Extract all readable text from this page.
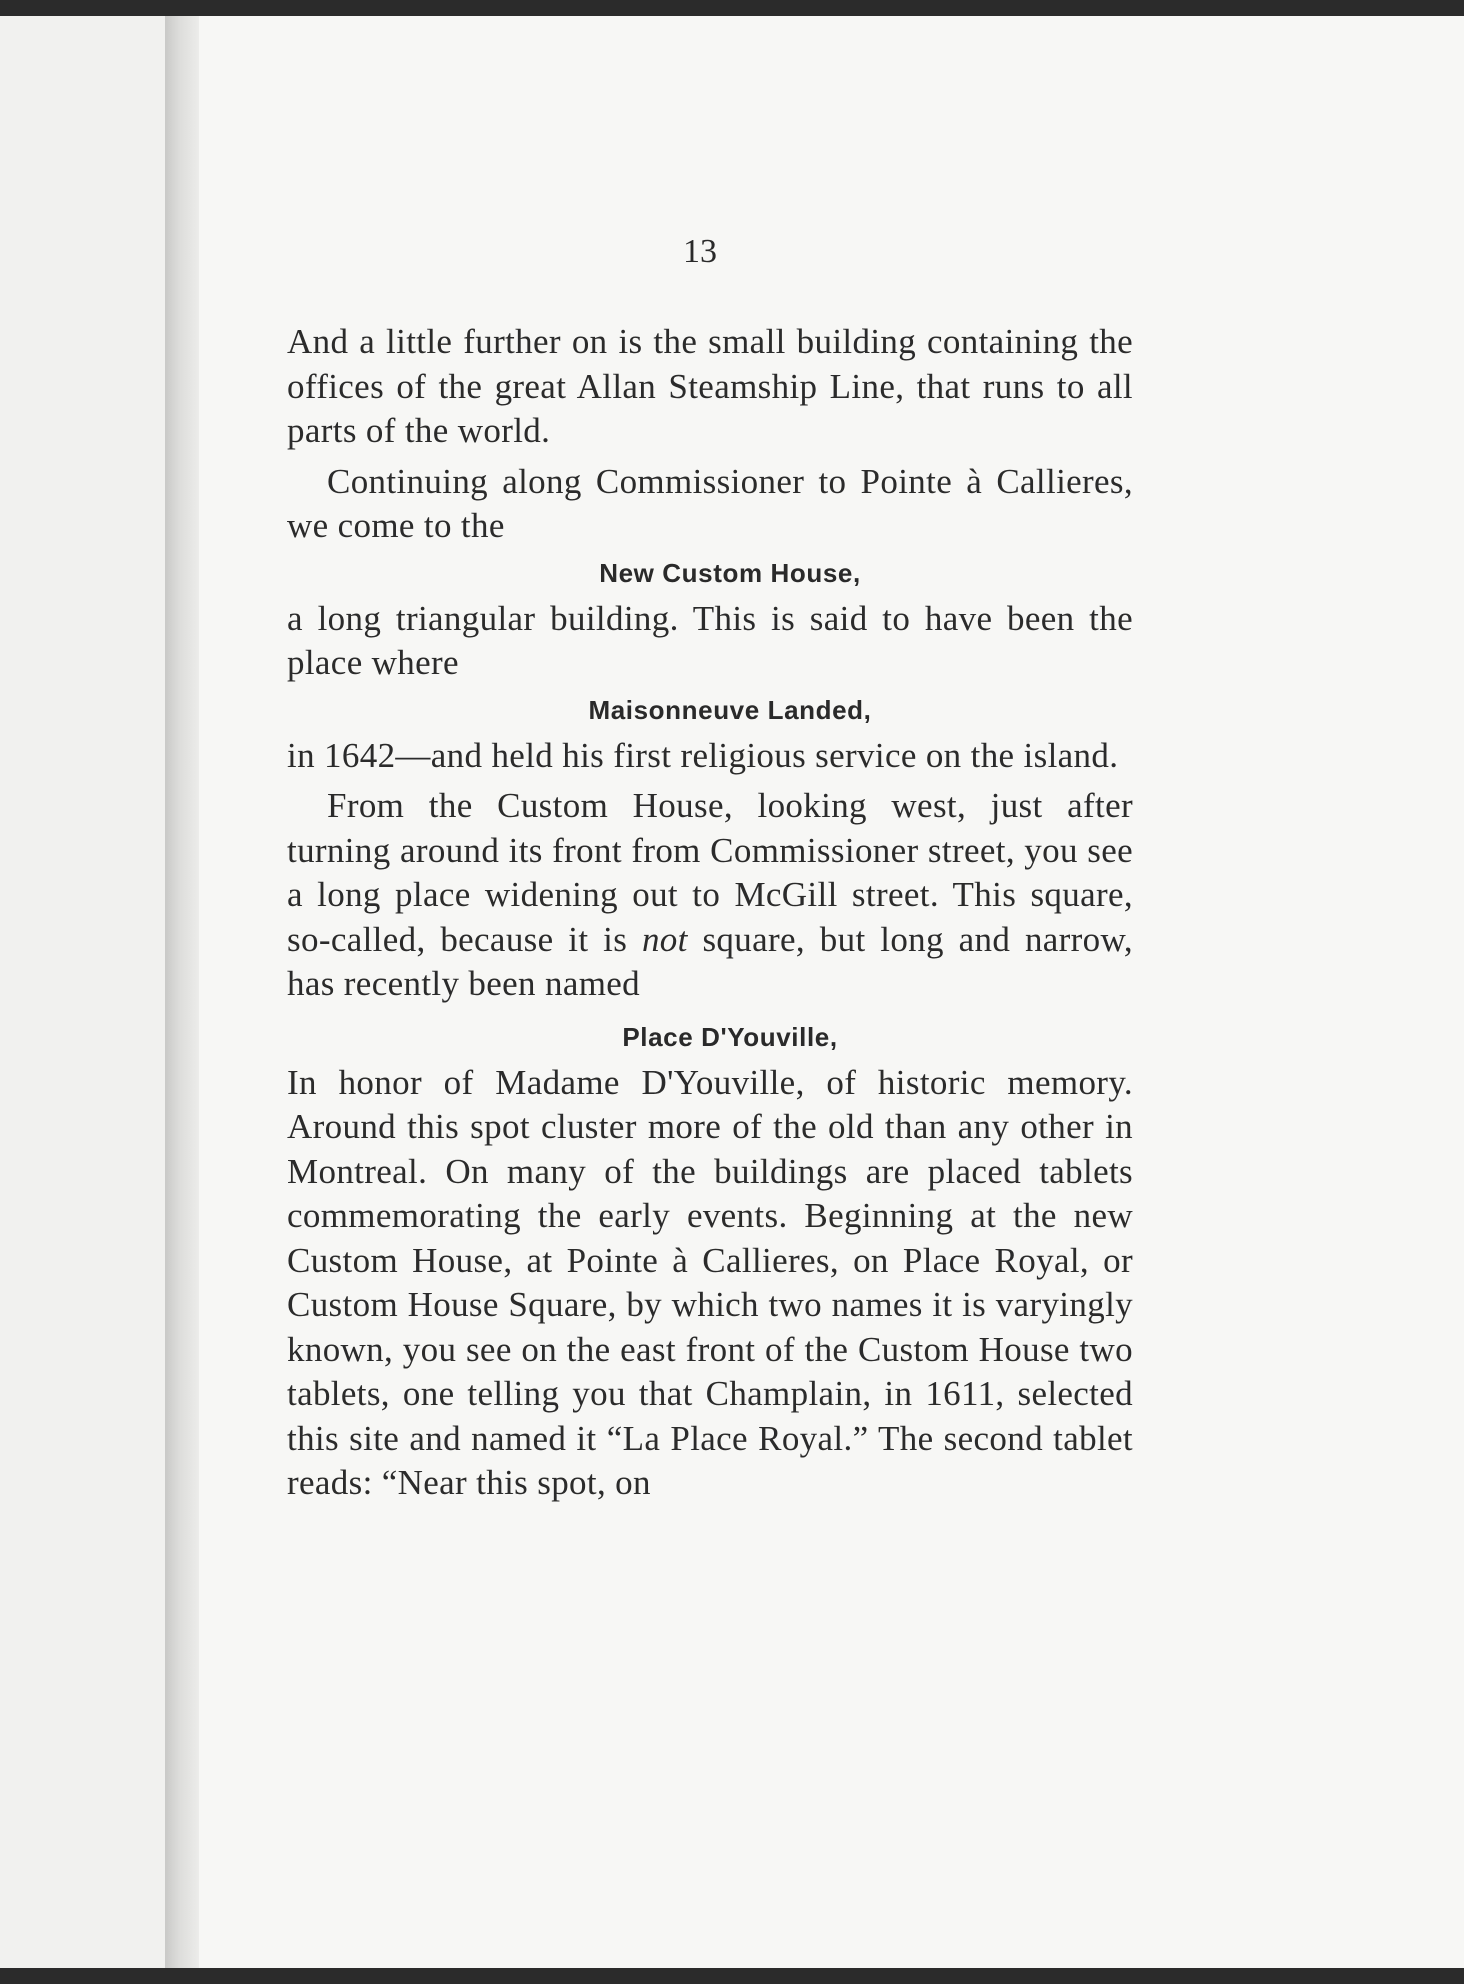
13

And a little further on is the small building containing the offices of the great Allan Steamship Line, that runs to all parts of the world.

Continuing along Commissioner to Pointe à Callieres, we come to the

New Custom House,

a long triangular building. This is said to have been the place where

Maisonneuve Landed,

in 1642—and held his first religious service on the island.

From the Custom House, looking west, just after turning around its front from Commissioner street, you see a long place widening out to McGill street. This square, so-called, because it is not square, but long and narrow, has recently been named

Place D'Youville,

In honor of Madame D'Youville, of historic memory. Around this spot cluster more of the old than any other in Montreal. On many of the buildings are placed tablets commemorating the early events. Beginning at the new Custom House, at Pointe à Callieres, on Place Royal, or Custom House Square, by which two names it is varyingly known, you see on the east front of the Custom House two tablets, one telling you that Champlain, in 1611, selected this site and named it “La Place Royal.” The second tablet reads: “Near this spot, on
